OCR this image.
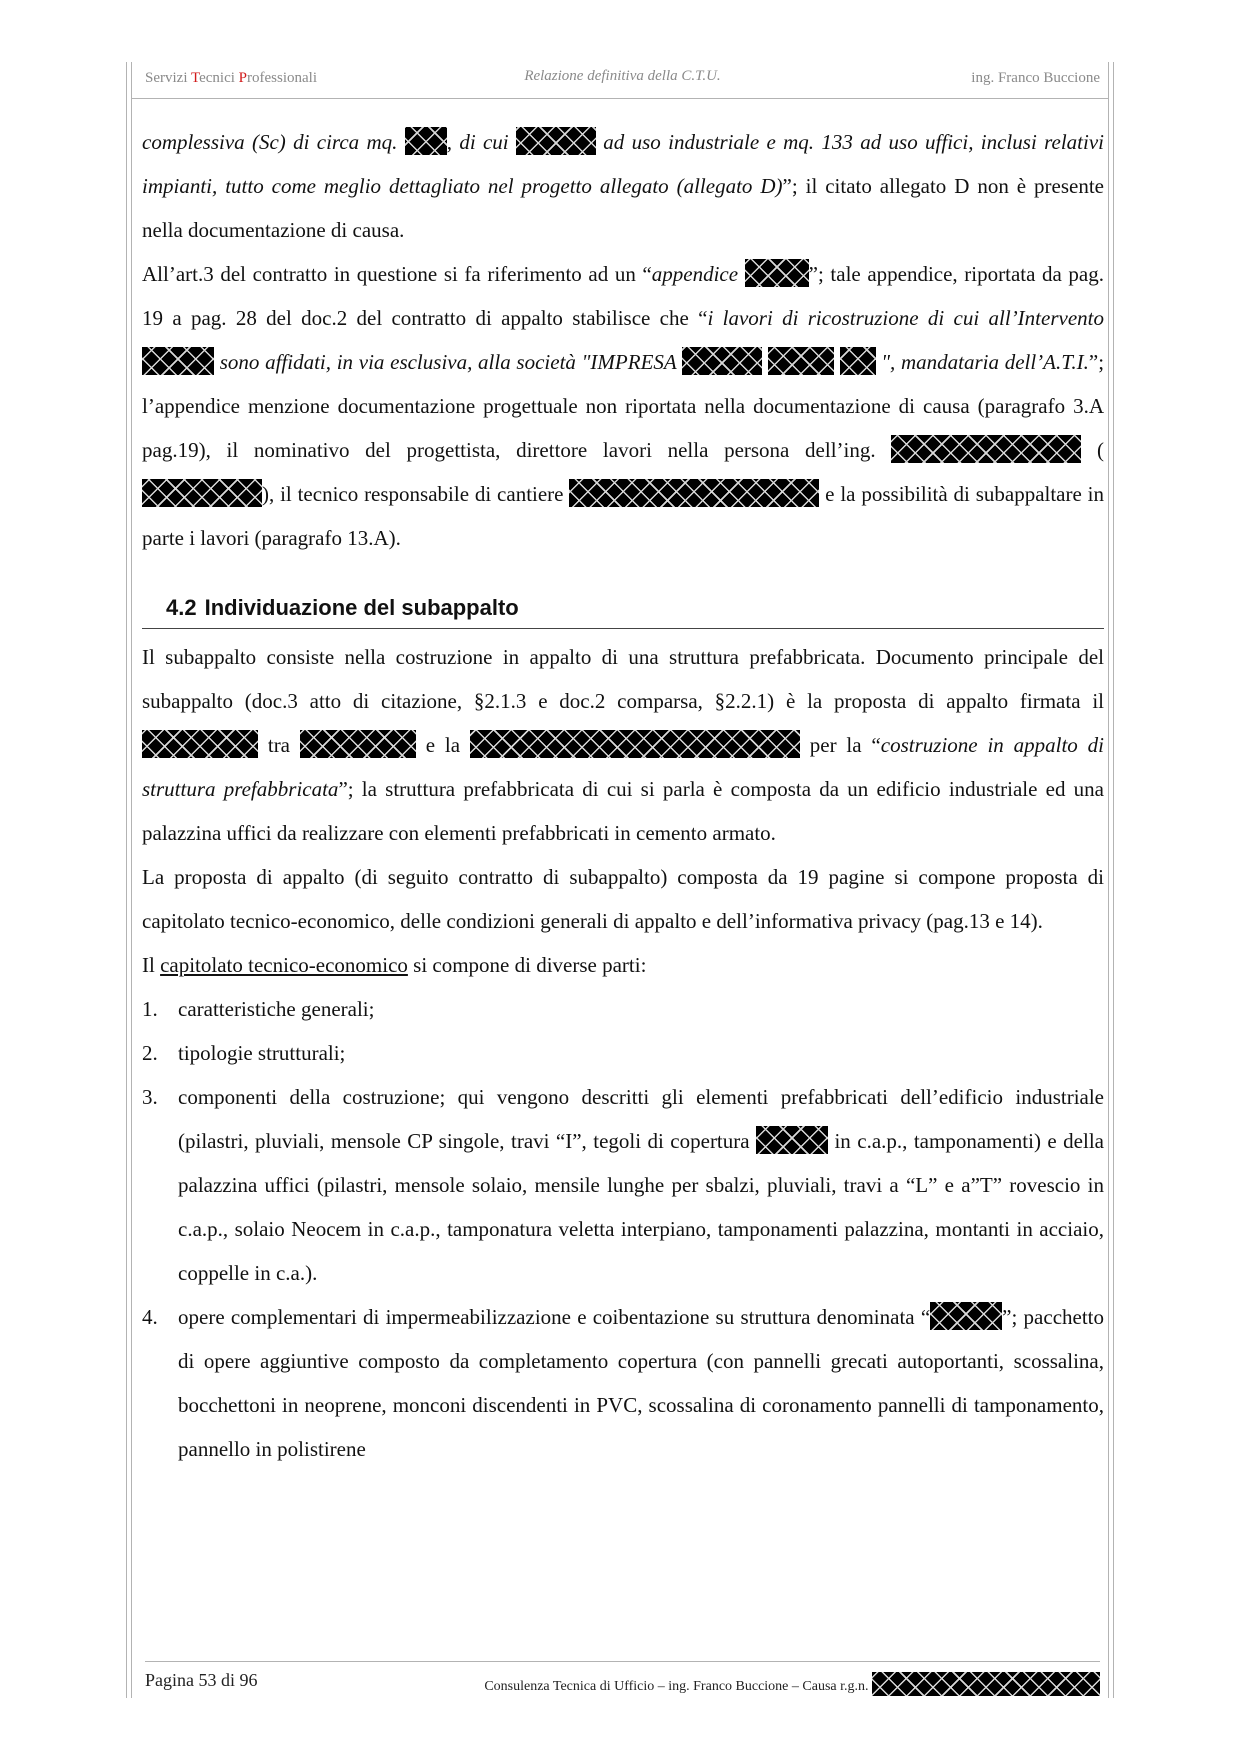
Servizi Tecnici Professionali	Relazione definitiva della C.T.U.	ing. Franco Buccione

complessiva (Sc) di circa mq. , di cui	ad uso industriale e mq. 133 ad uso uffici, inclusi relativi impianti, tutto come meglio dettagliato nel progetto allegato (allegato D)”; il citato allegato D non è presente nella documentazione di causa.

All’art.3 del contratto in questione si fa riferimento ad un “appendice	”; tale appendice, riportata da pag. 19 a pag. 28 del doc.2 del contratto di appalto stabilisce che “i lavori di ricostruzione di cui all’Intervento  sono affidati, in via esclusiva, alla società "IMPRESA	", mandataria dell’A.T.I.”; l’appendice menzione documentazione progettuale non riportata nella documentazione di causa (paragrafo 3.A pag.19), il nominativo del progettista, direttore lavori nella persona dell’ing.	(), il tecnico responsabile di cantiere	e la possibilità di subappaltare in parte i lavori (paragrafo 13.A).

4.2 Individuazione del subappalto

Il subappalto consiste nella costruzione in appalto di una struttura prefabbricata. Documento principale del subappalto (doc.3 atto di citazione, §2.1.3 e doc.2 comparsa, §2.2.1) è la proposta di appalto firmata il  tra	e la	per la “costruzione in appalto di struttura prefabbricata”; la struttura prefabbricata di cui si parla è composta da un edificio industriale ed una palazzina uffici da realizzare con elementi prefabbricati in cemento armato.

La proposta di appalto (di seguito contratto di subappalto) composta da 19 pagine si compone proposta di capitolato tecnico-economico, delle condizioni generali di appalto e dell’informativa privacy (pag.13 e 14).

Il capitolato tecnico-economico si compone di diverse parti:

1. caratteristiche generali;
2. tipologie strutturali;
3. componenti della costruzione; qui vengono descritti gli elementi prefabbricati dell’edificio industriale (pilastri, pluviali, mensole CP singole, travi “I”, tegoli di copertura	in c.a.p., tamponamenti) e della palazzina uffici (pilastri, mensole solaio, mensile lunghe per sbalzi, pluviali, travi a “L” e a”T” rovescio in c.a.p., solaio Neocem in c.a.p., tamponatura veletta interpiano, tamponamenti palazzina, montanti in acciaio, coppelle in c.a.).
4. opere complementari di impermeabilizzazione e coibentazione su struttura denominata “	”; pacchetto di opere aggiuntive composto da completamento copertura (con pannelli grecati autoportanti, scossalina, bocchettoni in neoprene, monconi discendenti in PVC, scossalina di coronamento pannelli di tamponamento, pannello in polistirene
Pagina 53 di 96	Consulenza Tecnica di Ufficio – ing. Franco Buccione – Causa r.g.n.
